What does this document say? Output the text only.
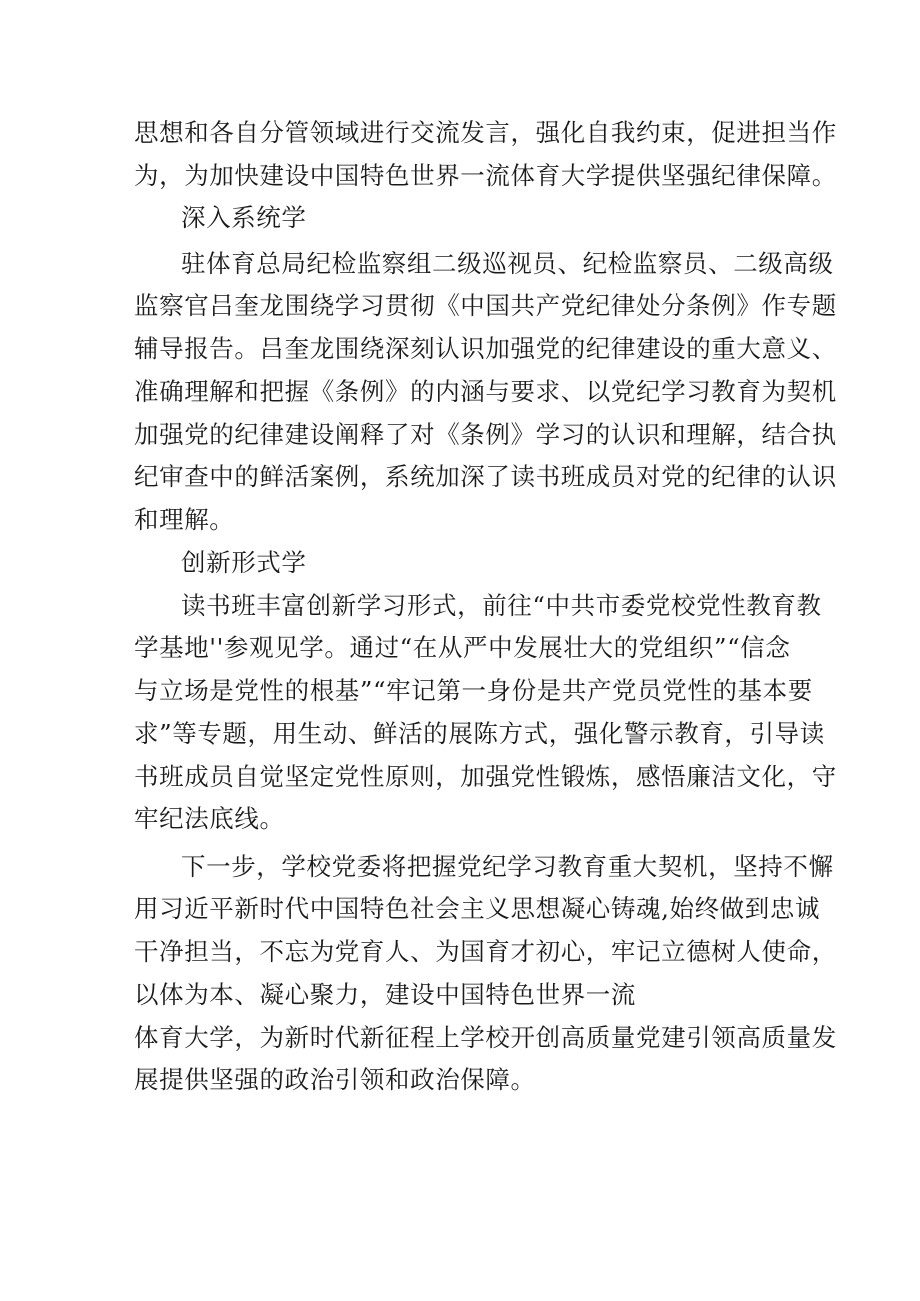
思想和各自分管领域进行交流发言，强化自我约束，促进担当作
为，为加快建设中国特色世界一流体育大学提供坚强纪律保障。
深入系统学
驻体育总局纪检监察组二级巡视员、纪检监察员、二级高级
监察官吕奎龙围绕学习贯彻《中国共产党纪律处分条例》作专题
辅导报告。吕奎龙围绕深刻认识加强党的纪律建设的重大意义、
准确理解和把握《条例》的内涵与要求、以党纪学习教育为契机
加强党的纪律建设阐释了对《条例》学习的认识和理解，结合执
纪审查中的鲜活案例，系统加深了读书班成员对党的纪律的认识
和理解。
创新形式学
读书班丰富创新学习形式，前往“中共市委党校党性教育教
学基地''参观见学。通过“在从严中发展壮大的党组织”“信念
与立场是党性的根基”“牢记第一身份是共产党员党性的基本要
求”等专题，用生动、鲜活的展陈方式，强化警示教育，引导读
书班成员自觉坚定党性原则，加强党性锻炼，感悟廉洁文化，守
牢纪法底线。
下一步，学校党委将把握党纪学习教育重大契机，坚持不懈
用习近平新时代中国特色社会主义思想凝心铸魂,始终做到忠诚
干净担当，不忘为党育人、为国育才初心，牢记立德树人使命，
以体为本、凝心聚力，建设中国特色世界一流
体育大学，为新时代新征程上学校开创高质量党建引领高质量发
展提供坚强的政治引领和政治保障。
